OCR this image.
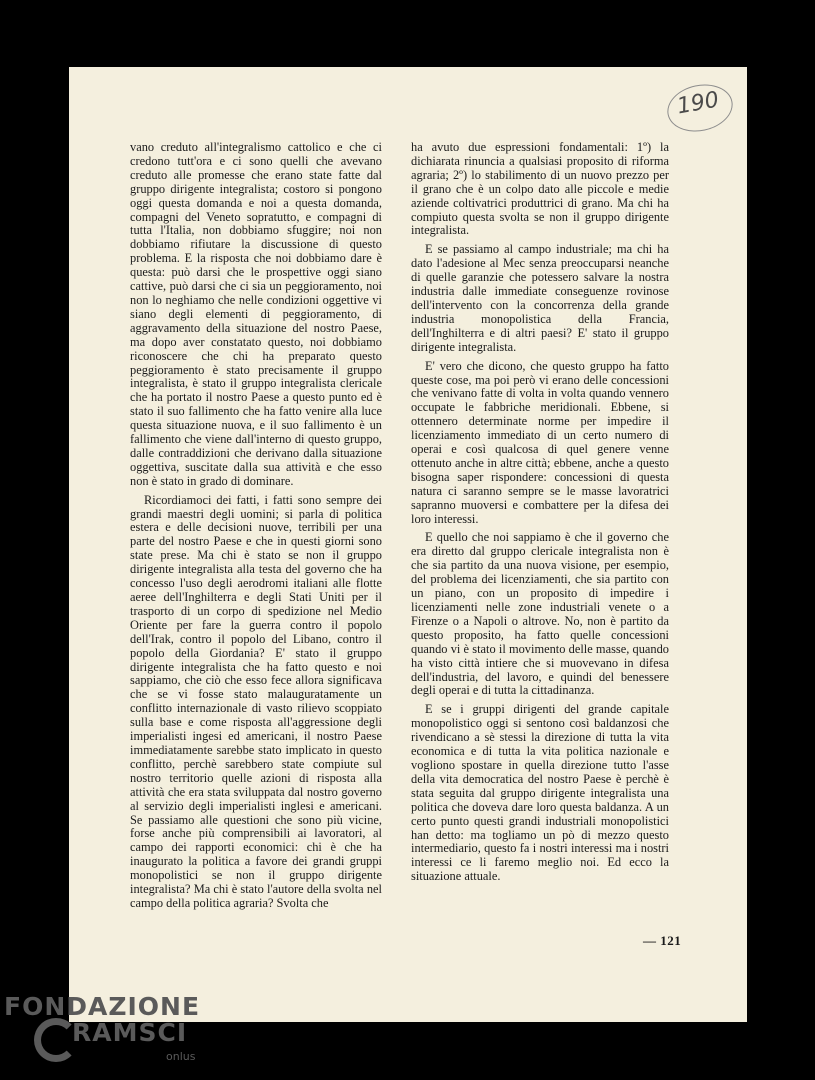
190

vano creduto all'integralismo cattolico e che ci credono tutt'ora e ci sono quelli che avevano creduto alle promesse che erano state fatte dal gruppo dirigente integralista; costoro si pongono oggi questa domanda e noi a questa domanda, compagni del Veneto sopratutto, e compagni di tutta l'Italia, non dobbiamo sfuggire; noi non dobbiamo rifiutare la discussione di questo problema. E la risposta che noi dobbiamo dare è questa: può darsi che le prospettive oggi siano cattive, può darsi che ci sia un peggioramento, noi non lo neghiamo che nelle condizioni oggettive vi siano degli elementi di peggioramento, di aggravamento della situazione del nostro Paese, ma dopo aver constatato questo, noi dobbiamo riconoscere che chi ha preparato questo peggioramento è stato precisamente il gruppo integralista, è stato il gruppo integralista clericale che ha portato il nostro Paese a questo punto ed è stato il suo fallimento che ha fatto venire alla luce questa situazione nuova, e il suo fallimento è un fallimento che viene dall'interno di questo gruppo, dalle contraddizioni che derivano dalla situazione oggettiva, suscitate dalla sua attività e che esso non è stato in grado di dominare.

Ricordiamoci dei fatti, i fatti sono sempre dei grandi maestri degli uomini; si parla di politica estera e delle decisioni nuove, terribili per una parte del nostro Paese e che in questi giorni sono state prese. Ma chi è stato se non il gruppo dirigente integralista alla testa del governo che ha concesso l'uso degli aerodromi italiani alle flotte aeree dell'Inghilterra e degli Stati Uniti per il trasporto di un corpo di spedizione nel Medio Oriente per fare la guerra contro il popolo dell'Irak, contro il popolo del Libano, contro il popolo della Giordania? E' stato il gruppo dirigente integralista che ha fatto questo e noi sappiamo, che ciò che esso fece allora significava che se vi fosse stato malauguratamente un conflitto internazionale di vasto rilievo scoppiato sulla base e come risposta all'aggressione degli imperialisti ingesi ed americani, il nostro Paese immediatamente sarebbe stato implicato in questo conflitto, perchè sarebbero state compiute sul nostro territorio quelle azioni di risposta alla attività che era stata sviluppata dal nostro governo al servizio degli imperialisti inglesi e americani. Se passiamo alle questioni che sono più vicine, forse anche più comprensibili ai lavoratori, al campo dei rapporti economici: chi è che ha inaugurato la politica a favore dei grandi gruppi monopolistici se non il gruppo dirigente integralista? Ma chi è stato l'autore della svolta nel campo della politica agraria? Svolta che

ha avuto due espressioni fondamentali: 1º) la dichiarata rinuncia a qualsiasi proposito di riforma agraria; 2º) lo stabilimento di un nuovo prezzo per il grano che è un colpo dato alle piccole e medie aziende coltivatrici produttrici di grano. Ma chi ha compiuto questa svolta se non il gruppo dirigente integralista.

E se passiamo al campo industriale; ma chi ha dato l'adesione al Mec senza preoccuparsi neanche di quelle garanzie che potessero salvare la nostra industria dalle immediate conseguenze rovinose dell'intervento con la concorrenza della grande industria monopolistica della Francia, dell'Inghilterra e di altri paesi? E' stato il gruppo dirigente integralista.

E' vero che dicono, che questo gruppo ha fatto queste cose, ma poi però vi erano delle concessioni che venivano fatte di volta in volta quando vennero occupate le fabbriche meridionali. Ebbene, si ottennero determinate norme per impedire il licenziamento immediato di un certo numero di operai e così qualcosa di quel genere venne ottenuto anche in altre città; ebbene, anche a questo bisogna saper rispondere: concessioni di questa natura ci saranno sempre se le masse lavoratrici sapranno muoversi e combattere per la difesa dei loro interessi.

E quello che noi sappiamo è che il governo che era diretto dal gruppo clericale integralista non è che sia partito da una nuova visione, per esempio, del problema dei licenziamenti, che sia partito con un piano, con un proposito di impedire i licenziamenti nelle zone industriali venete o a Firenze o a Napoli o altrove. No, non è partito da questo proposito, ha fatto quelle concessioni quando vi è stato il movimento delle masse, quando ha visto città intiere che si muovevano in difesa dell'industria, del lavoro, e quindi del benessere degli operai e di tutta la cittadinanza.

E se i gruppi dirigenti del grande capitale monopolistico oggi si sentono così baldanzosi che rivendicano a sè stessi la direzione di tutta la vita economica e di tutta la vita politica nazionale e vogliono spostare in quella direzione tutto l'asse della vita democratica del nostro Paese è perchè è stata seguita dal gruppo dirigente integralista una politica che doveva dare loro questa baldanza. A un certo punto questi grandi industriali monopolistici han detto: ma togliamo un pò di mezzo questo intermediario, questo fa i nostri interessi ma i nostri interessi ce li faremo meglio noi. Ed ecco la situazione attuale.

— 121
FONDAZIONE
RAMSCI
onlus
